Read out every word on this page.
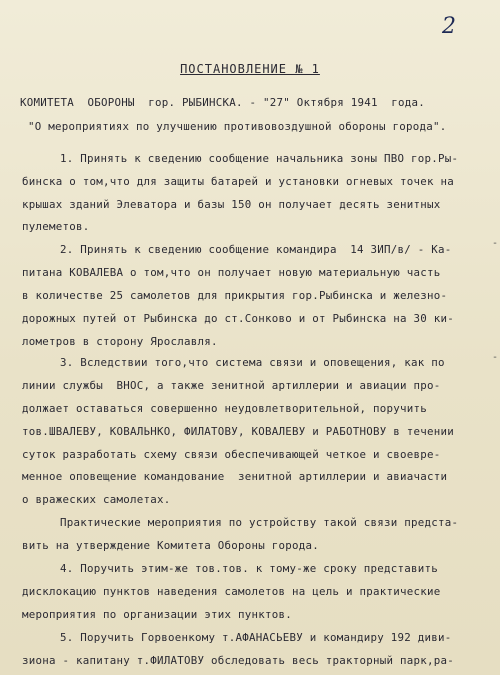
2
ПОСТАНОВЛЕНИЕ № 1
КОМИТЕТА  ОБОРОНЫ  гор. РЫБИНСКА. - "27" Октября 1941  года.
"О мероприятиях по улучшению противовоздушной обороны города".
1. Принять к сведению сообщение начальника зоны ПВО гор.Ры-
бинска о том,что для защиты батарей и установки огневых точек на
крышах зданий Элеватора и базы 150 он получает десять зенитных
пулеметов.
2. Принять к сведению сообщение командира  14 ЗИП/в/ - Ка-
питана КОВАЛЕВА о том,что он получает новую материальную часть
в количестве 25 самолетов для прикрытия гор.Рыбинска и железно-
дорожных путей от Рыбинска до ст.Сонково и от Рыбинска на 30 ки-
лометров в сторону Ярославля.
3. Вследствии того,что система связи и оповещения, как по
линии службы  ВНОС, а также зенитной артиллерии и авиации про-
должает оставаться совершенно неудовлетворительной, поручить
тов.ШВАЛЕВУ, КОВАЛЬНКО, ФИЛАТОВУ, КОВАЛЕВУ и РАБОТНОВУ в течении
суток разработать схему связи обеспечивающей четкое и своевре-
менное оповещение командование  зенитной артиллерии и авиачасти
о вражеских самолетах.
Практические мероприятия по устройству такой связи предста-
вить на утверждение Комитета Обороны города.
4. Поручить этим-же тов.тов. к тому-же сроку представить
дисклокацию пунктов наведения самолетов на цель и практические
мероприятия по организации этих пунктов.
5. Поручить Горвоенкому т.АФАНАСЬЕВУ и командиру 192 диви-
зиона - капитану т.ФИЛАТОВУ обследовать весь тракторный парк,ра-
-
-
